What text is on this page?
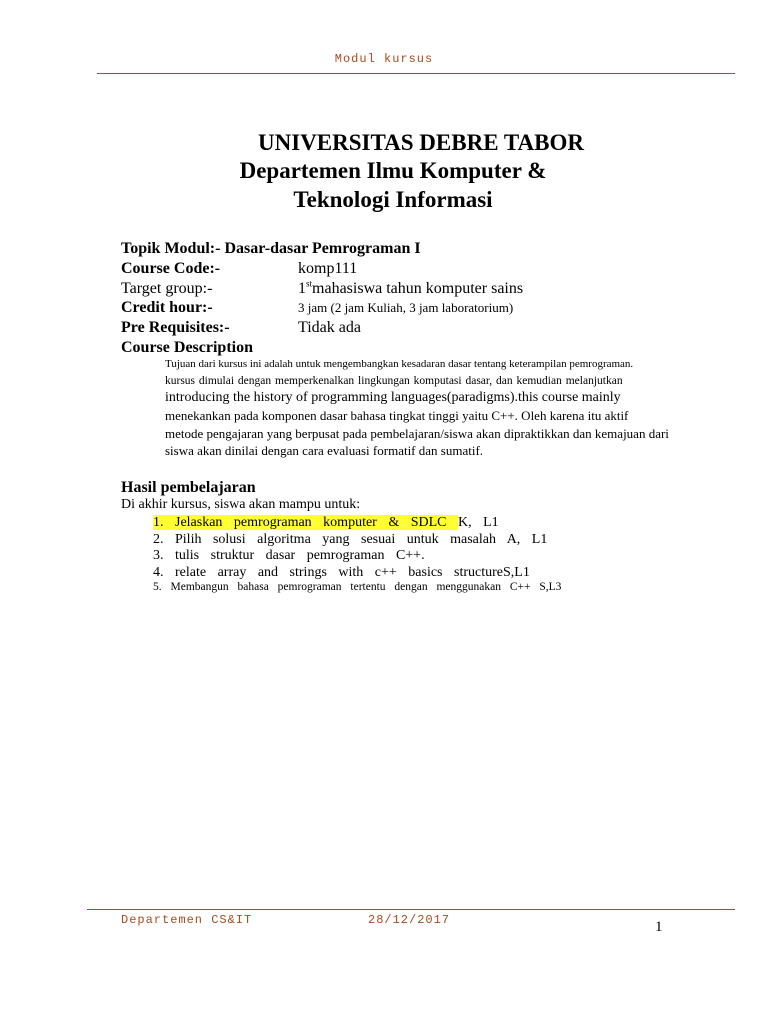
Modul kursus
UNIVERSITAS DEBRE TABOR
Departemen Ilmu Komputer &
Teknologi Informasi
Topik Modul:- Dasar-dasar Pemrograman I
Course Code:-	komp111
Target group:-	1stmahasiswa tahun komputer sains
Credit hour:-	3 jam (2 jam Kuliah, 3 jam laboratorium)
Pre Requisites:-	Tidak ada
Course Description
Tujuan dari kursus ini adalah untuk mengembangkan kesadaran dasar tentang keterampilan pemrograman.
kursus dimulai dengan memperkenalkan lingkungan komputasi dasar, dan kemudian melanjutkan
introducing the history of programming languages(paradigms).this course mainly
menekankan pada komponen dasar bahasa tingkat tinggi yaitu C++. Oleh karena itu aktif
metode pengajaran yang berpusat pada pembelajaran/siswa akan dipraktikkan dan kemajuan dari
siswa akan dinilai dengan cara evaluasi formatif dan sumatif.
Hasil pembelajaran
Di akhir kursus, siswa akan mampu untuk:
1. Jelaskan pemrograman komputer & SDLC K, L1
2. Pilih solusi algoritma yang sesuai untuk masalah A, L1
3. tulis struktur dasar pemrograman C++.
4. relate array and strings with c++ basics structureS,L1
5. Membangun bahasa pemrograman tertentu dengan menggunakan C++ S,L3
Departemen CS&IT	28/12/2017	1
